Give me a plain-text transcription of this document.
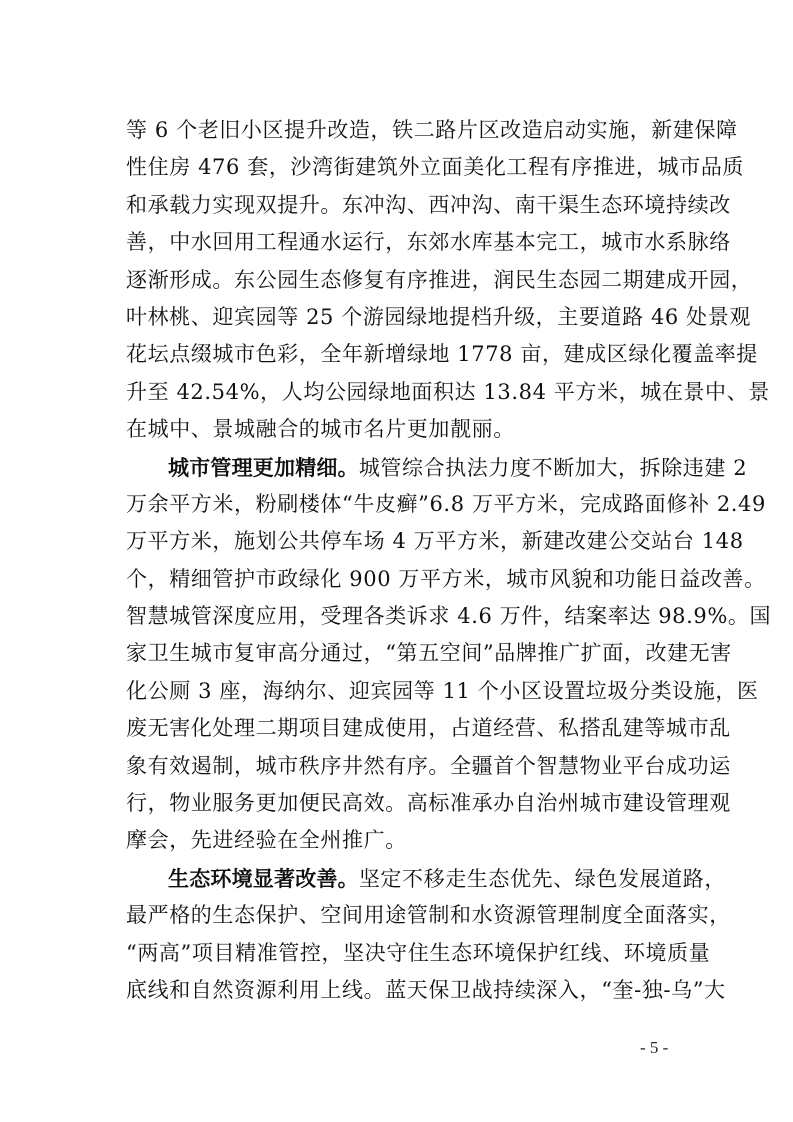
等 6 个老旧小区提升改造，铁二路片区改造启动实施，新建保障
性住房 476 套，沙湾街建筑外立面美化工程有序推进，城市品质
和承载力实现双提升。东冲沟、西冲沟、南干渠生态环境持续改
善，中水回用工程通水运行，东郊水库基本完工，城市水系脉络
逐渐形成。东公园生态修复有序推进，润民生态园二期建成开园，
叶林桃、迎宾园等 25 个游园绿地提档升级，主要道路 46 处景观
花坛点缀城市色彩，全年新增绿地 1778 亩，建成区绿化覆盖率提
升至 42.54%，人均公园绿地面积达 13.84 平方米，城在景中、景
在城中、景城融合的城市名片更加靓丽。
城市管理更加精细。城管综合执法力度不断加大，拆除违建 2
万余平方米，粉刷楼体“牛皮癣”6.8 万平方米，完成路面修补 2.49
万平方米，施划公共停车场 4 万平方米，新建改建公交站台 148
个，精细管护市政绿化 900 万平方米，城市风貌和功能日益改善。
智慧城管深度应用，受理各类诉求 4.6 万件，结案率达 98.9%。国
家卫生城市复审高分通过，“第五空间”品牌推广扩面，改建无害
化公厕 3 座，海纳尔、迎宾园等 11 个小区设置垃圾分类设施，医
废无害化处理二期项目建成使用，占道经营、私搭乱建等城市乱
象有效遏制，城市秩序井然有序。全疆首个智慧物业平台成功运
行，物业服务更加便民高效。高标准承办自治州城市建设管理观
摩会，先进经验在全州推广。
生态环境显著改善。坚定不移走生态优先、绿色发展道路，
最严格的生态保护、空间用途管制和水资源管理制度全面落实，
“两高”项目精准管控，坚决守住生态环境保护红线、环境质量
底线和自然资源利用上线。蓝天保卫战持续深入，“奎-独-乌”大
- 5 -
